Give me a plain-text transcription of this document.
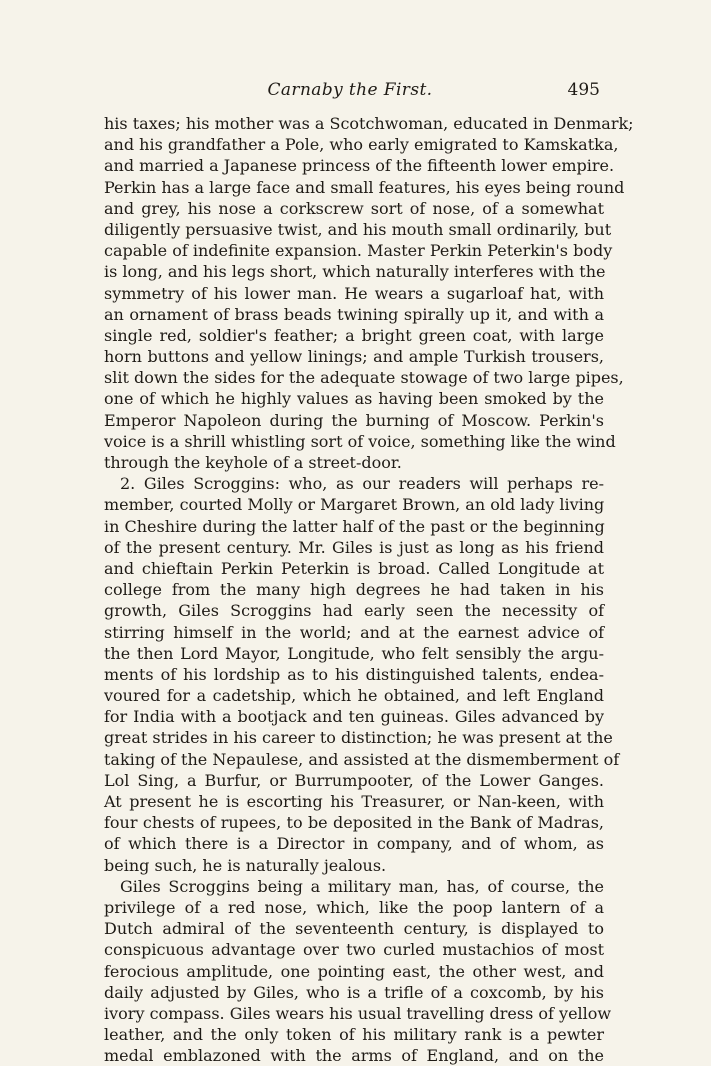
Carnaby the First.	495
his taxes; his mother was a Scotchwoman, educated in Denmark;
and his grandfather a Pole, who early emigrated to Kamskatka,
and married a Japanese princess of the fifteenth lower empire.
Perkin has a large face and small features, his eyes being round
and grey, his nose a corkscrew sort of nose, of a somewhat
diligently persuasive twist, and his mouth small ordinarily, but
capable of indefinite expansion. Master Perkin Peterkin's body
is long, and his legs short, which naturally interferes with the
symmetry of his lower man. He wears a sugarloaf hat, with
an ornament of brass beads twining spirally up it, and with a
single red, soldier's feather; a bright green coat, with large
horn buttons and yellow linings; and ample Turkish trousers,
slit down the sides for the adequate stowage of two large pipes,
one of which he highly values as having been smoked by the
Emperor Napoleon during the burning of Moscow. Perkin's
voice is a shrill whistling sort of voice, something like the wind
through the keyhole of a street-door.
2. Giles Scroggins: who, as our readers will perhaps re-
member, courted Molly or Margaret Brown, an old lady living
in Cheshire during the latter half of the past or the beginning
of the present century. Mr. Giles is just as long as his friend
and chieftain Perkin Peterkin is broad. Called Longitude at
college from the many high degrees he had taken in his
growth, Giles Scroggins had early seen the necessity of
stirring himself in the world; and at the earnest advice of
the then Lord Mayor, Longitude, who felt sensibly the argu-
ments of his lordship as to his distinguished talents, endea-
voured for a cadetship, which he obtained, and left England
for India with a bootjack and ten guineas. Giles advanced by
great strides in his career to distinction; he was present at the
taking of the Nepaulese, and assisted at the dismemberment of
Lol Sing, a Burfur, or Burrumpooter, of the Lower Ganges.
At present he is escorting his Treasurer, or Nan-keen, with
four chests of rupees, to be deposited in the Bank of Madras,
of which there is a Director in company, and of whom, as
being such, he is naturally jealous.
Giles Scroggins being a military man, has, of course, the
privilege of a red nose, which, like the poop lantern of a
Dutch admiral of the seventeenth century, is displayed to
conspicuous advantage over two curled mustachios of most
ferocious amplitude, one pointing east, the other west, and
daily adjusted by Giles, who is a trifle of a coxcomb, by his
ivory compass. Giles wears his usual travelling dress of yellow
leather, and the only token of his military rank is a pewter
medal emblazoned with the arms of England, and on the
